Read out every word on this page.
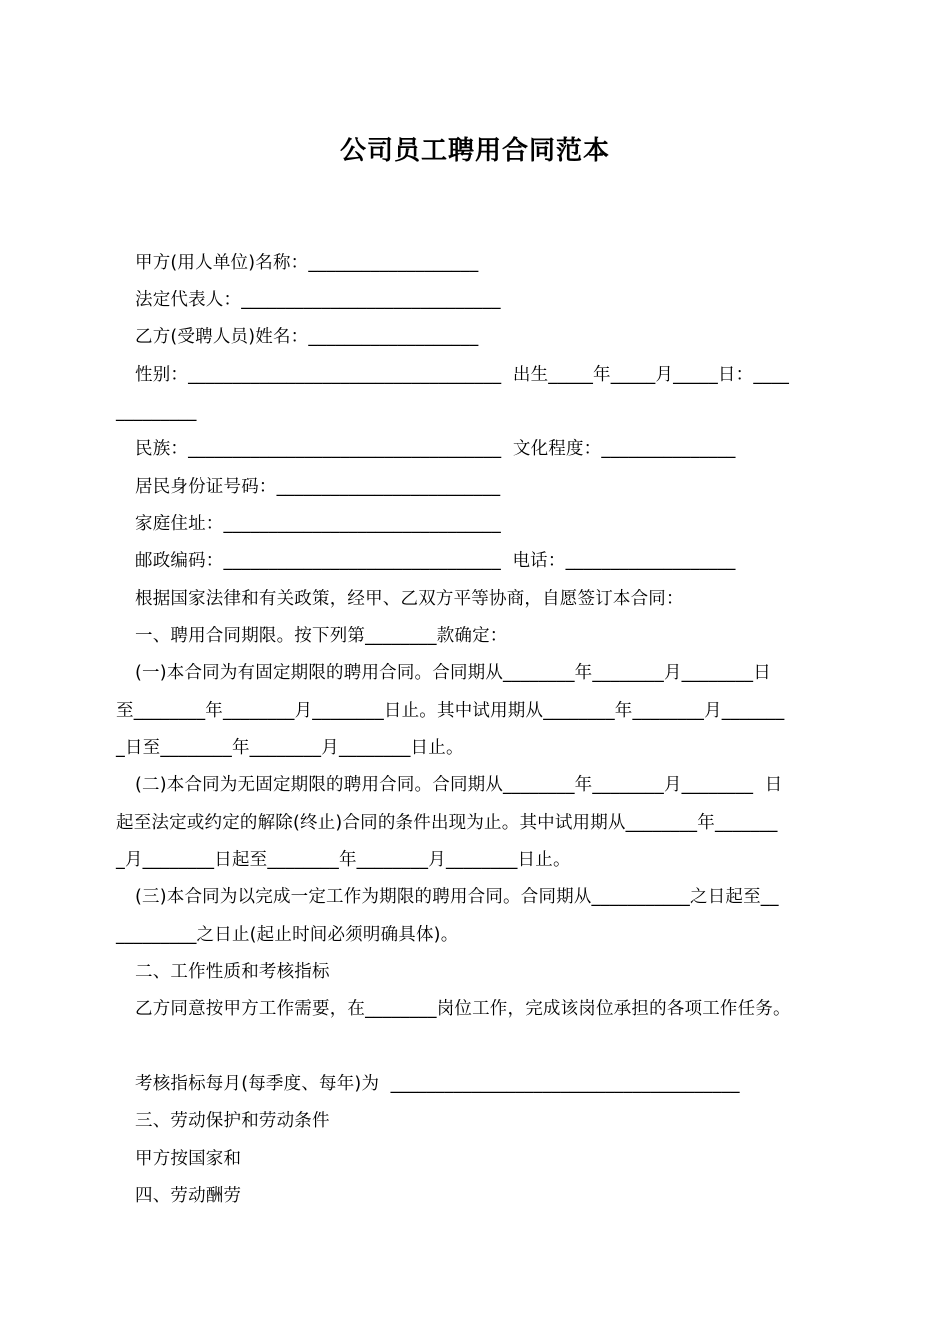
公司员工聘用合同范本
甲方(用人单位)名称：___________________
法定代表人：_____________________________
乙方(受聘人员)姓名：___________________
性别：___________________________________  出生_____年_____月_____日：____
_________
民族：___________________________________  文化程度：_______________
居民身份证号码：_________________________
家庭住址：_______________________________
邮政编码：_______________________________  电话：___________________
根据国家法律和有关政策，经甲、乙双方平等协商，自愿签订本合同：
一、聘用合同期限。按下列第________款确定：
(一)本合同为有固定期限的聘用合同。合同期从________年________月________日
至________年________月________日止。其中试用期从________年________月_______
_日至________年________月________日止。
(二)本合同为无固定期限的聘用合同。合同期从________年________月________  日
起至法定或约定的解除(终止)合同的条件出现为止。其中试用期从________年_______
_月________日起至________年________月________日止。
(三)本合同为以完成一定工作为期限的聘用合同。合同期从___________之日起至__
_________之日止(起止时间必须明确具体)。
二、工作性质和考核指标
乙方同意按甲方工作需要，在________岗位工作，完成该岗位承担的各项工作任务。
考核指标每月(每季度、每年)为  _______________________________________
三、劳动保护和劳动条件
甲方按国家和
四、劳动酬劳
